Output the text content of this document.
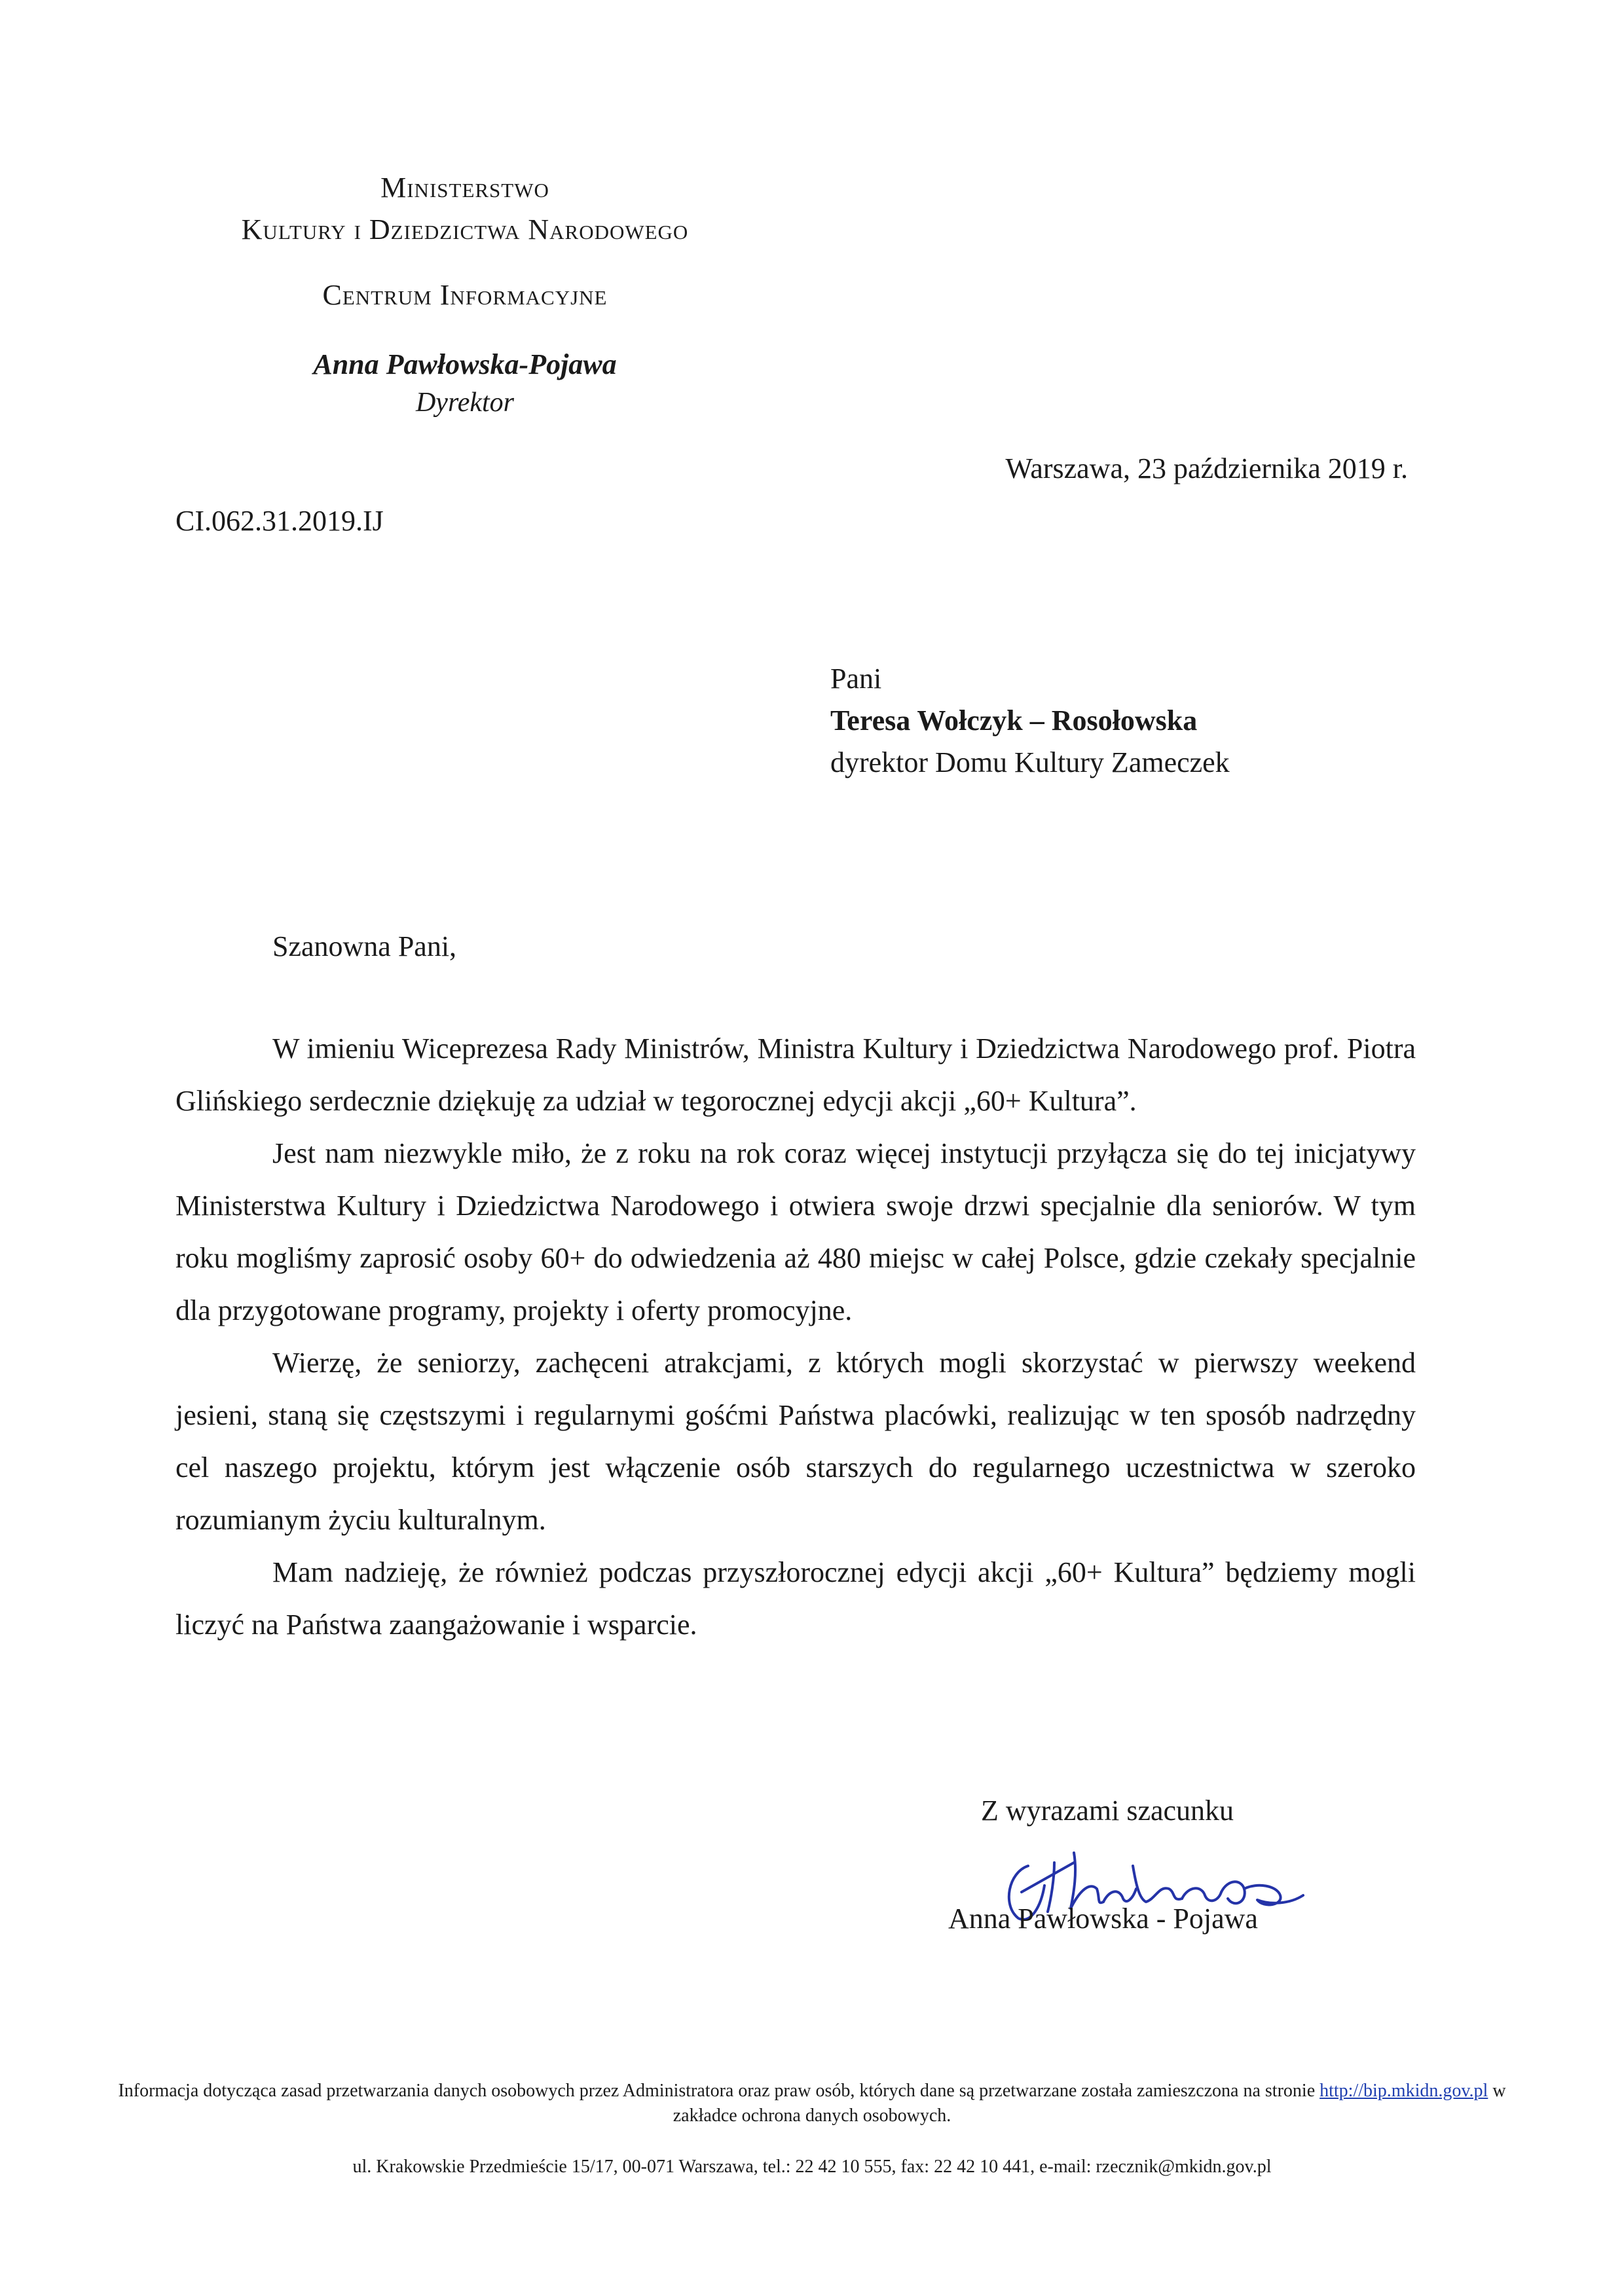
Ministerstwo
Kultury i Dziedzictwa Narodowego
Centrum Informacyjne
Anna Pawłowska-Pojawa
Dyrektor
Warszawa, 23 października 2019 r.
CI.062.31.2019.IJ
Pani
Teresa Wołczyk – Rosołowska
dyrektor Domu Kultury Zameczek
Szanowna Pani,

W imieniu Wiceprezesa Rady Ministrów, Ministra Kultury i Dziedzictwa Narodowego prof. Piotra Glińskiego serdecznie dziękuję za udział w tegorocznej edycji akcji „60+ Kultura”.

Jest nam niezwykle miło, że z roku na rok coraz więcej instytucji przyłącza się do tej inicjatywy Ministerstwa Kultury i Dziedzictwa Narodowego i otwiera swoje drzwi specjalnie dla seniorów. W tym roku mogliśmy zaprosić osoby 60+ do odwiedzenia aż 480 miejsc w całej Polsce, gdzie czekały specjalnie dla przygotowane programy, projekty i oferty promocyjne.

Wierzę, że seniorzy, zachęceni atrakcjami, z których mogli skorzystać w pierwszy weekend jesieni, staną się częstszymi i regularnymi gośćmi Państwa placówki, realizując w ten sposób nadrzędny cel naszego projektu, którym jest włączenie osób starszych do regularnego uczestnictwa w szeroko rozumianym życiu kulturalnym.

Mam nadzieję, że również podczas przyszłorocznej edycji akcji „60+ Kultura” będziemy mogli liczyć na Państwa zaangażowanie i wsparcie.

Z wyrazami szacunku
Anna Pawłowska - Pojawa
Informacja dotycząca zasad przetwarzania danych osobowych przez Administratora oraz praw osób, których dane są przetwarzane została zamieszczona na stronie http://bip.mkidn.gov.pl w zakładce ochrona danych osobowych.
ul. Krakowskie Przedmieście 15/17, 00-071 Warszawa, tel.: 22 42 10 555, fax: 22 42 10 441, e-mail: rzecznik@mkidn.gov.pl
